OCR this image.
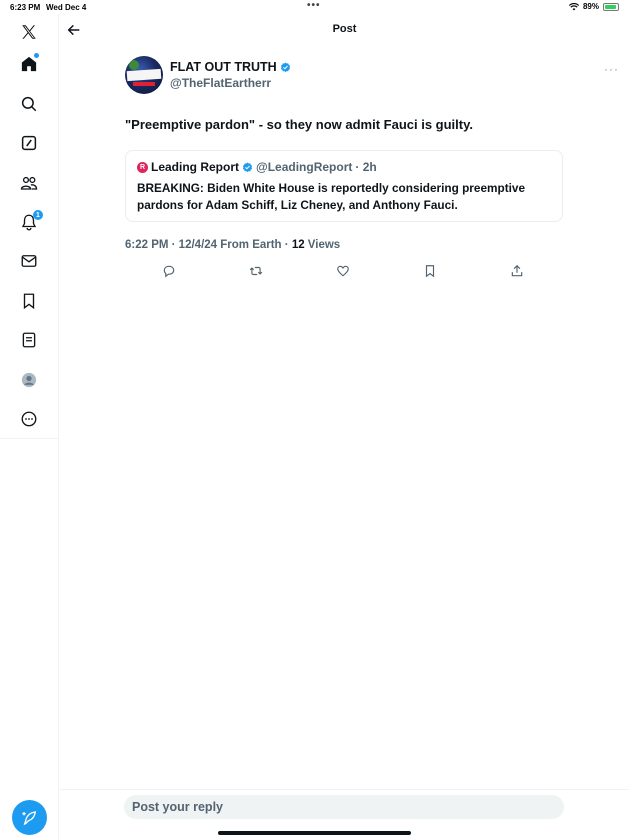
6:23 PM Wed Dec 4	•••	89%
1
Post
FLAT OUT TRUTH
@TheFlatEartherr
···
"Preemptive pardon" - so they now admit Fauci is guilty.
R Leading Report @LeadingReport · 2h
BREAKING: Biden White House is reportedly considering preemptive pardons for Adam Schiff, Liz Cheney, and Anthony Fauci.
6:22 PM · 12/4/24 From Earth · 12 Views
Post your reply
